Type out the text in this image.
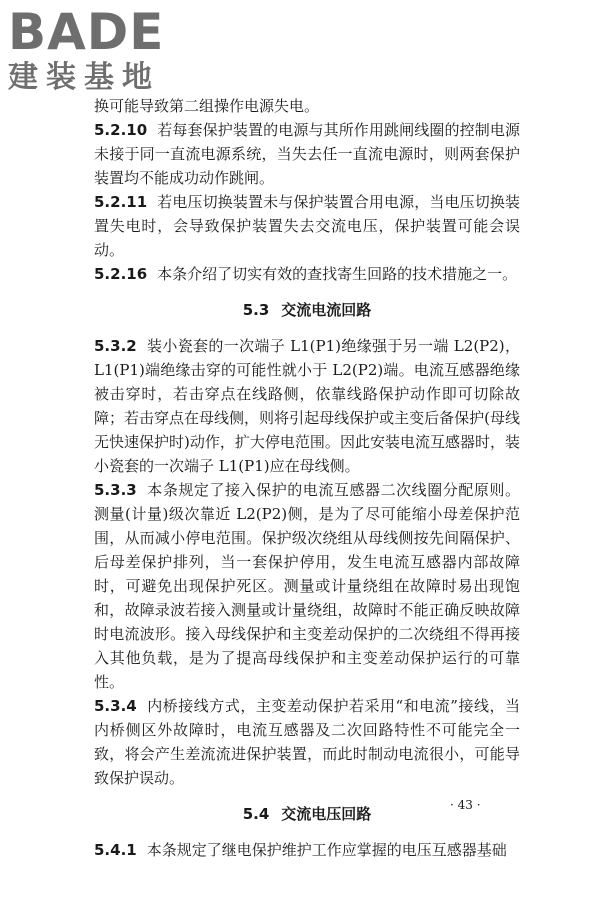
BADE
建装基地

换可能导致第二组操作电源失电。

5.2.10 若每套保护装置的电源与其所作用跳闸线圈的控制电源未接于同一直流电源系统，当失去任一直流电源时，则两套保护装置均不能成功动作跳闸。

5.2.11 若电压切换装置未与保护装置合用电源，当电压切换装置失电时，会导致保护装置失去交流电压，保护装置可能会误动。

5.2.16 本条介绍了切实有效的查找寄生回路的技术措施之一。

5.3 交流电流回路

5.3.2 装小瓷套的一次端子 L1(P1)绝缘强于另一端 L2(P2)，L1(P1)端绝缘击穿的可能性就小于 L2(P2)端。电流互感器绝缘被击穿时，若击穿点在线路侧，依靠线路保护动作即可切除故障；若击穿点在母线侧，则将引起母线保护或主变后备保护(母线无快速保护时)动作，扩大停电范围。因此安装电流互感器时，装小瓷套的一次端子 L1(P1)应在母线侧。

5.3.3 本条规定了接入保护的电流互感器二次线圈分配原则。测量(计量)级次靠近 L2(P2)侧，是为了尽可能缩小母差保护范围，从而减小停电范围。保护级次绕组从母线侧按先间隔保护、后母差保护排列，当一套保护停用，发生电流互感器内部故障时，可避免出现保护死区。测量或计量绕组在故障时易出现饱和，故障录波若接入测量或计量绕组，故障时不能正确反映故障时电流波形。接入母线保护和主变差动保护的二次绕组不得再接入其他负载，是为了提高母线保护和主变差动保护运行的可靠性。

5.3.4 内桥接线方式，主变差动保护若采用“和电流”接线，当内桥侧区外故障时，电流互感器及二次回路特性不可能完全一致，将会产生差流流进保护装置，而此时制动电流很小，可能导致保护误动。

5.4 交流电压回路

5.4.1 本条规定了继电保护维护工作应掌握的电压互感器基础

· 43 ·
